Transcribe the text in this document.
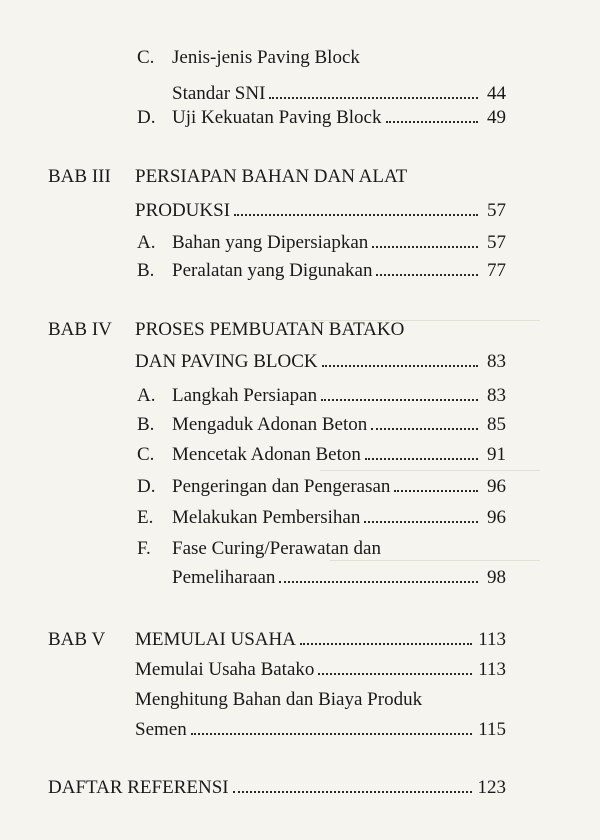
C. Jenis-jenis Paving Block
Standar SNI	44
D. Uji Kekuatan Paving Block	49
BAB III PERSIAPAN BAHAN DAN ALAT
PRODUKSI	57
A. Bahan yang Dipersiapkan	57
B. Peralatan yang Digunakan	77
BAB IV PROSES PEMBUATAN BATAKO
DAN PAVING BLOCK	83
A. Langkah Persiapan	83
B. Mengaduk Adonan Beton	85
C. Mencetak Adonan Beton	91
D. Pengeringan dan Pengerasan	96
E. Melakukan Pembersihan	96
F. Fase Curing/Perawatan dan
Pemeliharaan	98
BAB V MEMULAI USAHA	113
Memulai Usaha Batako	113
Menghitung Bahan dan Biaya Produk
Semen	115
DAFTAR REFERENSI	123
